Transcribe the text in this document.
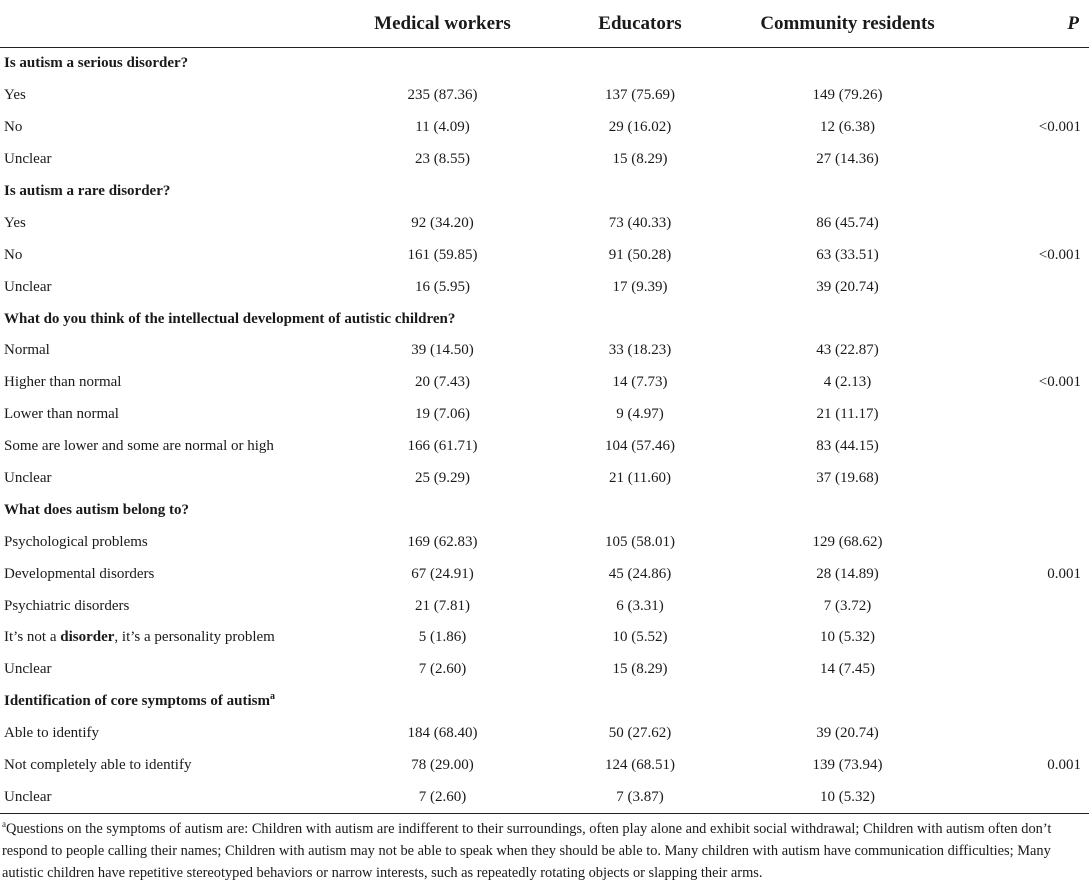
	Medical workers	Educators	Community residents	P
Is autism a serious disorder?				
Yes	235 (87.36)	137 (75.69)	149 (79.26)	
No	11 (4.09)	29 (16.02)	12 (6.38)	<0.001
Unclear	23 (8.55)	15 (8.29)	27 (14.36)	
Is autism a rare disorder?				
Yes	92 (34.20)	73 (40.33)	86 (45.74)	
No	161 (59.85)	91 (50.28)	63 (33.51)	<0.001
Unclear	16 (5.95)	17 (9.39)	39 (20.74)	
What do you think of the intellectual development of autistic children?				
Normal	39 (14.50)	33 (18.23)	43 (22.87)	
Higher than normal	20 (7.43)	14 (7.73)	4 (2.13)	<0.001
Lower than normal	19 (7.06)	9 (4.97)	21 (11.17)	
Some are lower and some are normal or high	166 (61.71)	104 (57.46)	83 (44.15)	
Unclear	25 (9.29)	21 (11.60)	37 (19.68)	
What does autism belong to?				
Psychological problems	169 (62.83)	105 (58.01)	129 (68.62)	
Developmental disorders	67 (24.91)	45 (24.86)	28 (14.89)	0.001
Psychiatric disorders	21 (7.81)	6 (3.31)	7 (3.72)	
It’s not a disorder, it’s a personality problem	5 (1.86)	10 (5.52)	10 (5.32)	
Unclear	7 (2.60)	15 (8.29)	14 (7.45)	
Identification of core symptoms of autism$^a$
Able to identify	184 (68.40)	50 (27.62)	39 (20.74)	
Not completely able to identify	78 (29.00)	124 (68.51)	139 (73.94)	0.001
Unclear	7 (2.60)	7 (3.87)	10 (5.32)	
$^a$Questions on the symptoms of autism are: Children with autism are indifferent to their surroundings, often play alone and exhibit social withdrawal; Children with autism often don’t respond to people calling their names; Children with autism may not be able to speak when they should be able to. Many children with autism have communication difficulties; Many autistic children have repetitive stereotyped behaviors or narrow interests, such as repeatedly rotating objects or slapping their arms.
